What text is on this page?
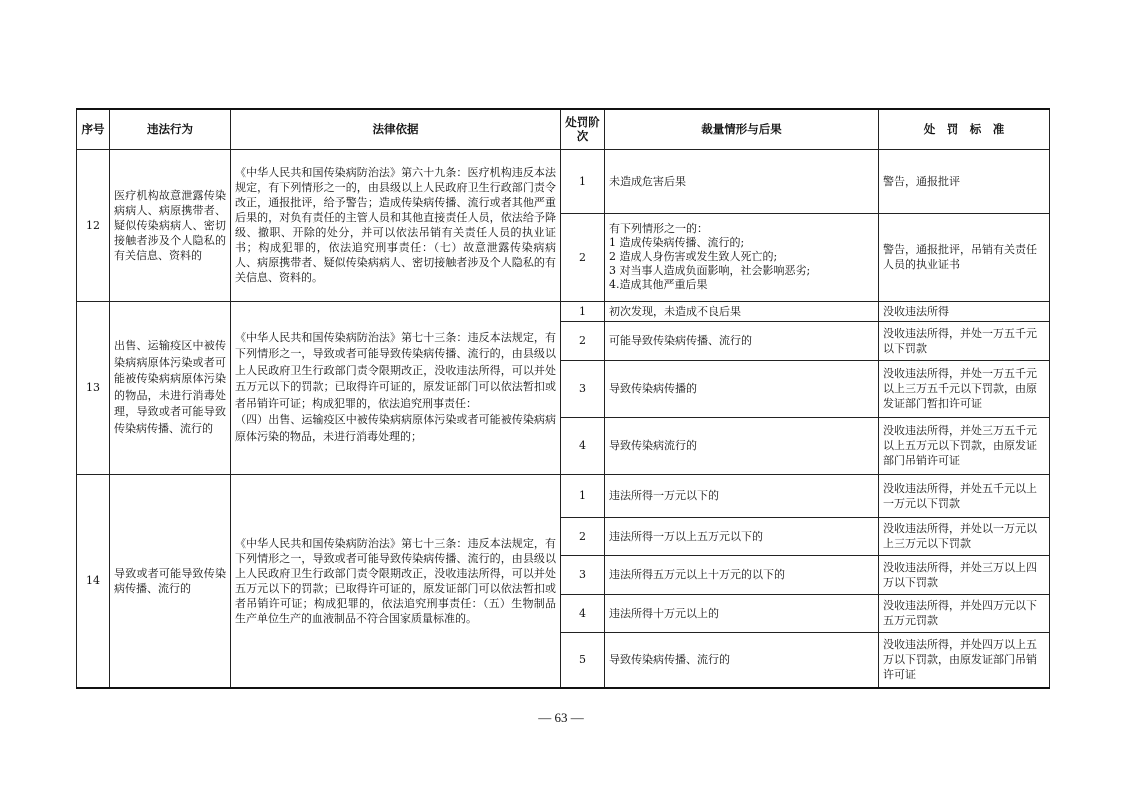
序号	违法行为	法律依据	处罚阶次	裁量情形与后果	处　罚　标　准
12	医疗机构故意泄露传染病病人、病原携带者、疑似传染病病人、密切接触者涉及个人隐私的有关信息、资料的	《中华人民共和国传染病防治法》第六十九条：医疗机构违反本法规定，有下列情形之一的，由县级以上人民政府卫生行政部门责令改正，通报批评，给予警告；造成传染病传播、流行或者其他严重后果的，对负有责任的主管人员和其他直接责任人员，依法给予降级、撤职、开除的处分，并可以依法吊销有关责任人员的执业证书；构成犯罪的，依法追究刑事责任：（七）故意泄露传染病病人、病原携带者、疑似传染病病人、密切接触者涉及个人隐私的有关信息、资料的。	1	未造成危害后果	警告，通报批评
			2	有下列情形之一的：
1 造成传染病传播、流行的;
2 造成人身伤害或发生致人死亡的;
3 对当事人造成负面影响，社会影响恶劣;
4.造成其他严重后果	警告，通报批评，吊销有关责任人员的执业证书
13	出售、运输疫区中被传染病病原体污染或者可能被传染病病原体污染的物品，未进行消毒处理，导致或者可能导致传染病传播、流行的	《中华人民共和国传染病防治法》第七十三条：违反本法规定，有下列情形之一，导致或者可能导致传染病传播、流行的，由县级以上人民政府卫生行政部门责令限期改正，没收违法所得，可以并处五万元以下的罚款；已取得许可证的，原发证部门可以依法暂扣或者吊销许可证；构成犯罪的，依法追究刑事责任：
（四）出售、运输疫区中被传染病病原体污染或者可能被传染病病原体污染的物品，未进行消毒处理的；	1	初次发现，未造成不良后果	没收违法所得
			2	可能导致传染病传播、流行的	没收违法所得，并处一万五千元以下罚款
			3	导致传染病传播的	没收违法所得，并处一万五千元以上三万五千元以下罚款，由原发证部门暂扣许可证
			4	导致传染病流行的	没收违法所得，并处三万五千元以上五万元以下罚款，由原发证部门吊销许可证
14	导致或者可能导致传染病传播、流行的	《中华人民共和国传染病防治法》第七十三条：违反本法规定，有下列情形之一，导致或者可能导致传染病传播、流行的，由县级以上人民政府卫生行政部门责令限期改正，没收违法所得，可以并处五万元以下的罚款；已取得许可证的，原发证部门可以依法暂扣或者吊销许可证；构成犯罪的，依法追究刑事责任：（五）生物制品生产单位生产的血液制品不符合国家质量标准的。	1	违法所得一万元以下的	没收违法所得，并处五千元以上一万元以下罚款
			2	违法所得一万以上五万元以下的	没收违法所得，并处以一万元以上三万元以下罚款
			3	违法所得五万元以上十万元的以下的	没收违法所得，并处三万以上四万以下罚款
			4	违法所得十万元以上的	没收违法所得，并处四万元以下五万元罚款
			5	导致传染病传播、流行的	没收违法所得，并处四万以上五万以下罚款，由原发证部门吊销许可证
— 63 —
